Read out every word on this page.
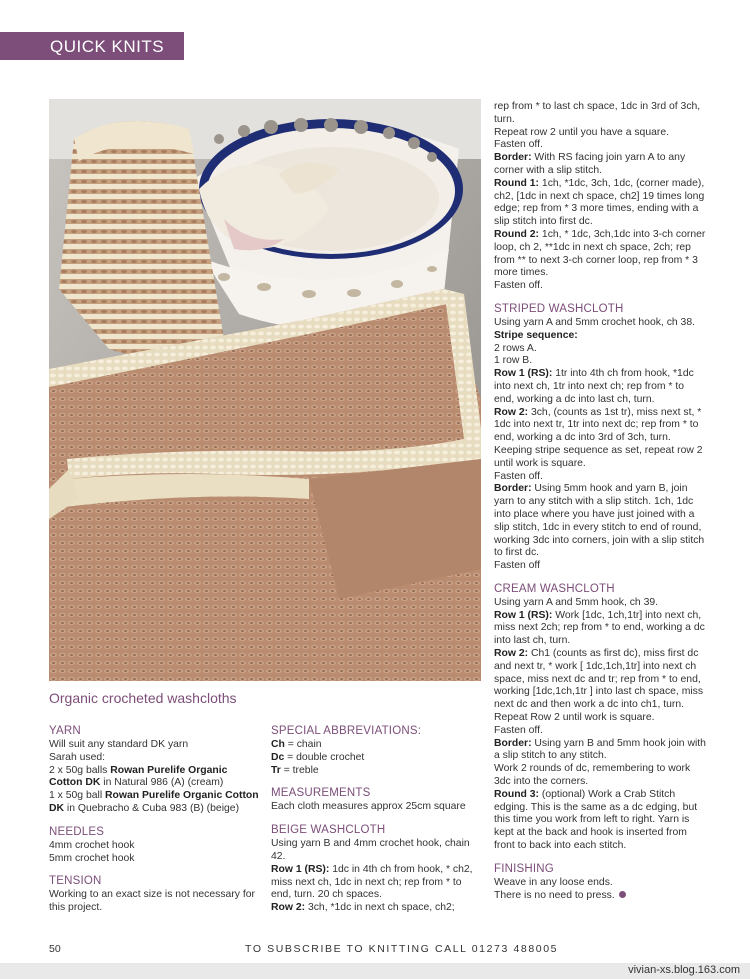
QUICK KNITS
Organic crocheted washcloths
YARN

Will suit any standard DK yarn

Sarah used:

2 x 50g balls Rowan Purelife Organic Cotton DK in Natural 986 (A) (cream)

1 x 50g ball Rowan Purelife Organic Cotton DK in Quebracho & Cuba 983 (B) (beige)

NEEDLES

4mm crochet hook

5mm crochet hook

TENSION

Working to an exact size is not necessary for this project.

SPECIAL ABBREVIATIONS:

Ch = chain

Dc = double crochet

Tr = treble

MEASUREMENTS

Each cloth measures approx 25cm square

BEIGE WASHCLOTH

Using yarn B and 4mm crochet hook, chain 42.

Row 1 (RS): 1dc in 4th ch from hook, * ch2, miss next ch, 1dc in next ch; rep from * to end, turn. 20 ch spaces.

Row 2: 3ch, *1dc in next ch space, ch2;

rep from * to last ch space, 1dc in 3rd of 3ch, turn.

Repeat row 2 until you have a square.

Fasten off.

Border: With RS facing join yarn A to any corner with a slip stitch.

Round 1: 1ch, *1dc, 3ch, 1dc, (corner made), ch2, [1dc in next ch space, ch2] 19 times long edge; rep from * 3 more times, ending with a slip stitch into first dc.

Round 2: 1ch, * 1dc, 3ch,1dc into 3-ch corner loop, ch 2, **1dc in next ch space, 2ch; rep from ** to next 3-ch corner loop, rep from * 3 more times.

Fasten off.

STRIPED WASHCLOTH

Using yarn A and 5mm crochet hook, ch 38.

Stripe sequence:

2 rows A.

1 row B.

Row 1 (RS): 1tr into 4th ch from hook, *1dc into next ch, 1tr into next ch; rep from * to end, working a dc into last ch, turn.

Row 2: 3ch, (counts as 1st tr), miss next st, * 1dc into next tr, 1tr into next dc; rep from * to end, working a dc into 3rd of 3ch, turn.

Keeping stripe sequence as set, repeat row 2 until work is square.

Fasten off.

Border: Using 5mm hook and yarn B, join yarn to any stitch with a slip stitch. 1ch, 1dc into place where you have just joined with a slip stitch, 1dc in every stitch to end of round, working 3dc into corners, join with a slip stitch to first dc.

Fasten off

CREAM WASHCLOTH

Using yarn A and 5mm hook, ch 39.

Row 1 (RS): Work [1dc, 1ch,1tr] into next ch, miss next 2ch; rep from * to end, working a dc into last ch, turn.

Row 2: Ch1 (counts as first dc), miss first dc and next tr, * work [ 1dc,1ch,1tr] into next ch space, miss next dc and tr; rep from * to end, working [1dc,1ch,1tr ] into last ch space, miss next dc and then work a dc into ch1, turn.

Repeat Row 2 until work is square.

Fasten off.

Border: Using yarn B and 5mm hook join with a slip stitch to any stitch.

Work 2 rounds of dc, remembering to work 3dc into the corners.

Round 3: (optional) Work a Crab Stitch edging. This is the same as a dc edging, but this time you work from left to right. Yarn is kept at the back and hook is inserted from front to back into each stitch.

FINISHING

Weave in any loose ends.

There is no need to press.

50	TO SUBSCRIBE TO KNITTING CALL 01273 488005
vivian-xs.blog.163.com
